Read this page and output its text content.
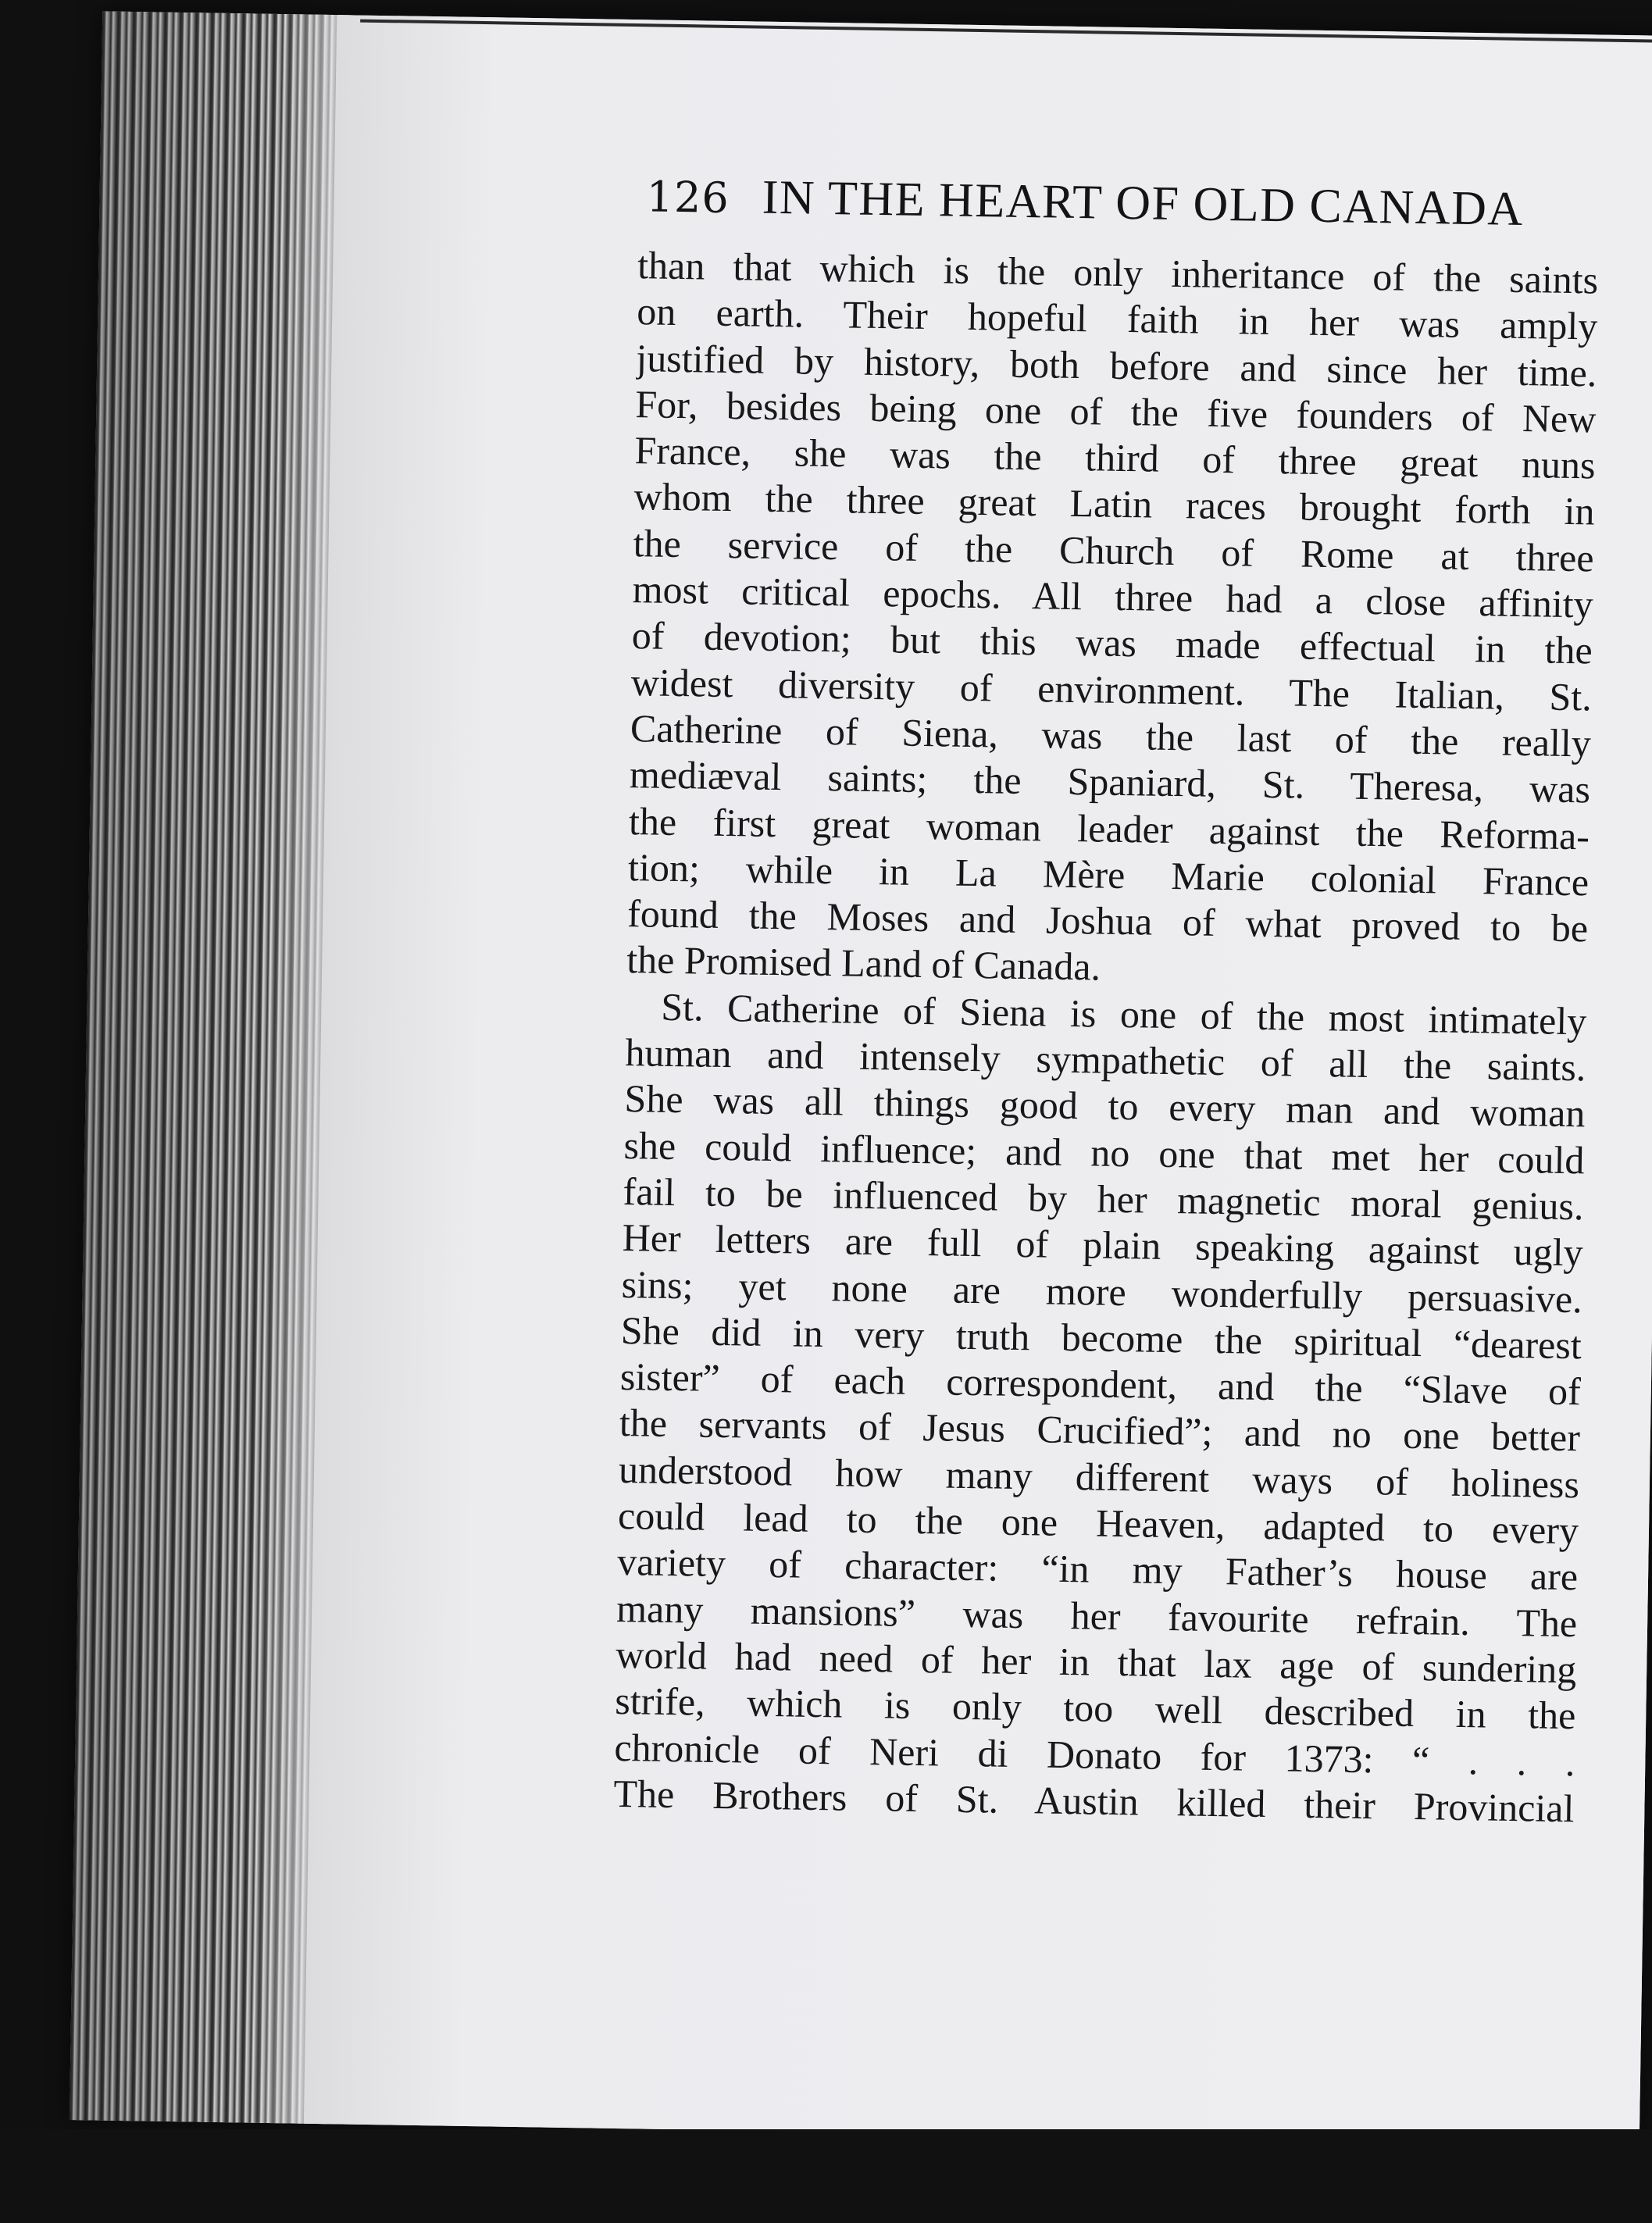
126 IN THE HEART OF OLD CANADA
than that which is the only inheritance of the saints
on earth. Their hopeful faith in her was amply
justified by history, both before and since her time.
For, besides being one of the five founders of New
France, she was the third of three great nuns
whom the three great Latin races brought forth in
the service of the Church of Rome at three
most critical epochs. All three had a close affinity
of devotion; but this was made effectual in the
widest diversity of environment. The Italian, St.
Catherine of Siena, was the last of the really
mediæval saints; the Spaniard, St. Theresa, was
the first great woman leader against the Reforma-
tion; while in La Mère Marie colonial France
found the Moses and Joshua of what proved to be
the Promised Land of Canada.
St. Catherine of Siena is one of the most intimately
human and intensely sympathetic of all the saints.
She was all things good to every man and woman
she could influence; and no one that met her could
fail to be influenced by her magnetic moral genius.
Her letters are full of plain speaking against ugly
sins; yet none are more wonderfully persuasive.
She did in very truth become the spiritual “dearest
sister” of each correspondent, and the “Slave of
the servants of Jesus Crucified”; and no one better
understood how many different ways of holiness
could lead to the one Heaven, adapted to every
variety of character: “in my Father’s house are
many mansions” was her favourite refrain. The
world had need of her in that lax age of sundering
strife, which is only too well described in the
chronicle of Neri di Donato for 1373: “ . . .
The Brothers of St. Austin killed their Provincial
